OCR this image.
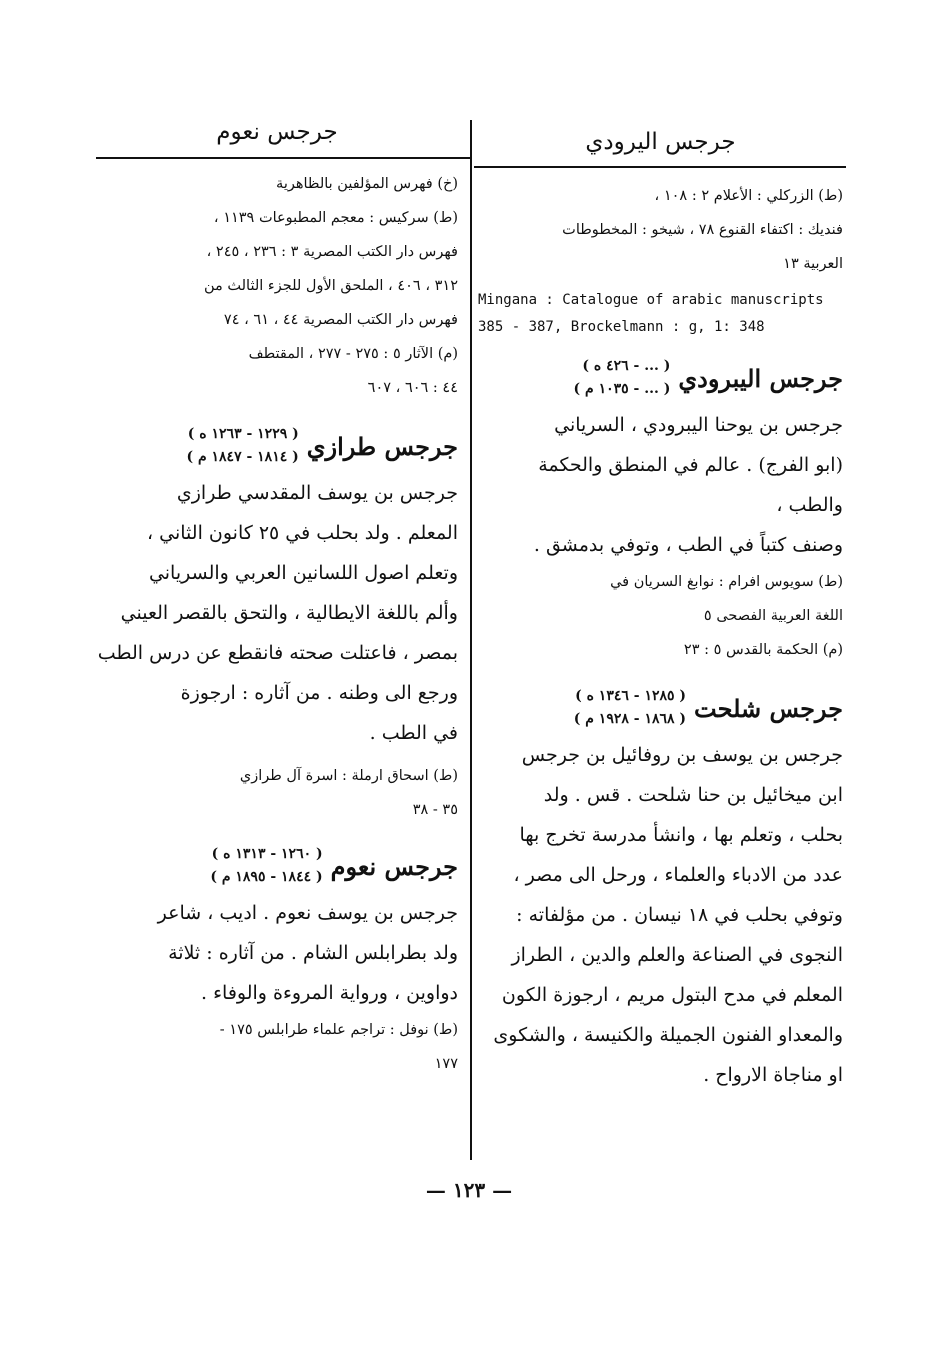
جرجس اليرودي

(ط) الزركلي : الأعلام ٢ : ١٠٨ ،

فنديك : اكتفاء القنوع ٧٨ ، شيخو : المخطوطات

العربية ١٣

Mingana : Catalogue of arabic manuscripts 385 - 387, Brockelmann : g, 1: 348

جرجس اليبرودي
( ... - ٤٢٦ ه )
( ... - ١٠٣٥ م )

جرجس بن يوحنا اليبرودي ، السرياني

(ابو الفرج) . عالم في المنطق والحكمة والطب ،

وصنف كتباً في الطب ، وتوفي بدمشق .

(ط) سويوس افرام : نوابغ السريان في

اللغة العربية الفصحى ٥

(م) الحكمة بالقدس ٥ : ٢٣

جرجس شلحت
( ١٢٨٥ - ١٣٤٦ ه )
( ١٨٦٨ - ١٩٢٨ م )

جرجس بن يوسف بن روفائيل بن جرجس

ابن ميخائيل بن حنا شلحت . قس . ولد

بحلب ، وتعلم بها ، وانشأ مدرسة تخرج بها

عدد من الادباء والعلماء ، ورحل الى مصر ،

وتوفي بحلب في ١٨ نيسان . من مؤلفاته :

النجوى في الصناعة والعلم والدين ، الطراز

المعلم في مدح البتول مريم ، ارجوزة الكون

والمعداو الفنون الجميلة والكنيسة ، والشكوى

او مناجاة الارواح .

جرجس نعوم

(خ) فهرس المؤلفين بالظاهرية

(ط) سركيس : معجم المطبوعات ١١٣٩ ،

فهرس دار الكتب المصرية ٣ : ٢٣٦ ، ٢٤٥ ،

٣١٢ ، ٤٠٦ ، الملحق الأول للجزء الثالث من

فهرس دار الكتب المصرية ٤٤ ، ٦١ ، ٧٤

(م) الآثار ٥ : ٢٧٥ - ٢٧٧ ، المقتطف

٤٤ : ٦٠٦ ، ٦٠٧

جرجس طرازي
( ١٢٢٩ - ١٢٦٣ ه )
( ١٨١٤ - ١٨٤٧ م )

جرجس بن يوسف المقدسي طرازي

المعلم . ولد بحلب في ٢٥ كانون الثاني ،

وتعلم اصول اللسانين العربي والسرياني

وألم باللغة الايطالية ، والتحق بالقصر العيني

بمصر ، فاعتلت صحته فانقطع عن درس الطب

ورجع الى وطنه . من آثاره : ارجوزة

في الطب .

(ط) اسحاق ارملة : اسرة آل طرازي

٣٥ - ٣٨

جرجس نعوم
( ١٢٦٠ - ١٣١٣ ه )
( ١٨٤٤ - ١٨٩٥ م )

جرجس بن يوسف نعوم . اديب ، شاعر

ولد بطرابلس الشام . من آثاره : ثلاثة

دواوين ، ورواية المروءة والوفاء .

(ط) نوفل : تراجم علماء طرابلس ١٧٥ -

١٧٧

— ١٢٣ —
